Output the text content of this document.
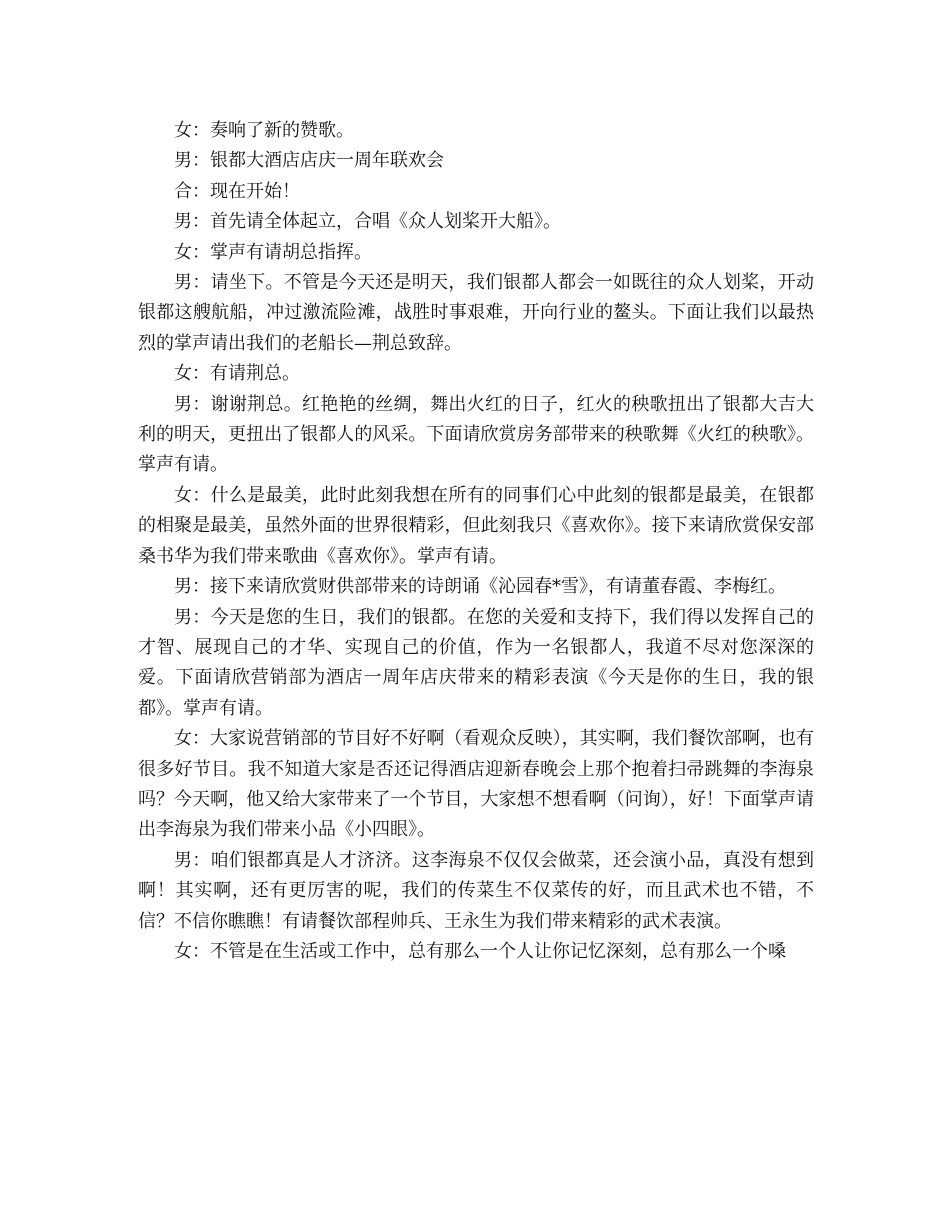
女：奏响了新的赞歌。

男：银都大酒店店庆一周年联欢会

合：现在开始！

男：首先请全体起立，合唱《众人划桨开大船》。

女：掌声有请胡总指挥。

男：请坐下。不管是今天还是明天，我们银都人都会一如既往的众人划桨，开动银都这艘航船，冲过激流险滩，战胜时事艰难，开向行业的鳌头。下面让我们以最热烈的掌声请出我们的老船长—荆总致辞。

女：有请荆总。

男：谢谢荆总。红艳艳的丝绸，舞出火红的日子，红火的秧歌扭出了银都大吉大利的明天，更扭出了银都人的风采。下面请欣赏房务部带来的秧歌舞《火红的秧歌》。掌声有请。

女：什么是最美，此时此刻我想在所有的同事们心中此刻的银都是最美，在银都的相聚是最美，虽然外面的世界很精彩，但此刻我只《喜欢你》。接下来请欣赏保安部桑书华为我们带来歌曲《喜欢你》。掌声有请。

男：接下来请欣赏财供部带来的诗朗诵《沁园春*雪》，有请董春霞、李梅红。

男：今天是您的生日，我们的银都。在您的关爱和支持下，我们得以发挥自己的才智、展现自己的才华、实现自己的价值，作为一名银都人，我道不尽对您深深的爱。下面请欣营销部为酒店一周年店庆带来的精彩表演《今天是你的生日，我的银都》。掌声有请。

女：大家说营销部的节目好不好啊（看观众反映），其实啊，我们餐饮部啊，也有很多好节目。我不知道大家是否还记得酒店迎新春晚会上那个抱着扫帚跳舞的李海泉吗？今天啊，他又给大家带来了一个节目，大家想不想看啊（问询），好！下面掌声请出李海泉为我们带来小品《小四眼》。

男：咱们银都真是人才济济。这李海泉不仅仅会做菜，还会演小品，真没有想到啊！其实啊，还有更厉害的呢，我们的传菜生不仅菜传的好，而且武术也不错，不信？不信你瞧瞧！有请餐饮部程帅兵、王永生为我们带来精彩的武术表演。

女：不管是在生活或工作中，总有那么一个人让你记忆深刻，总有那么一个嗓
